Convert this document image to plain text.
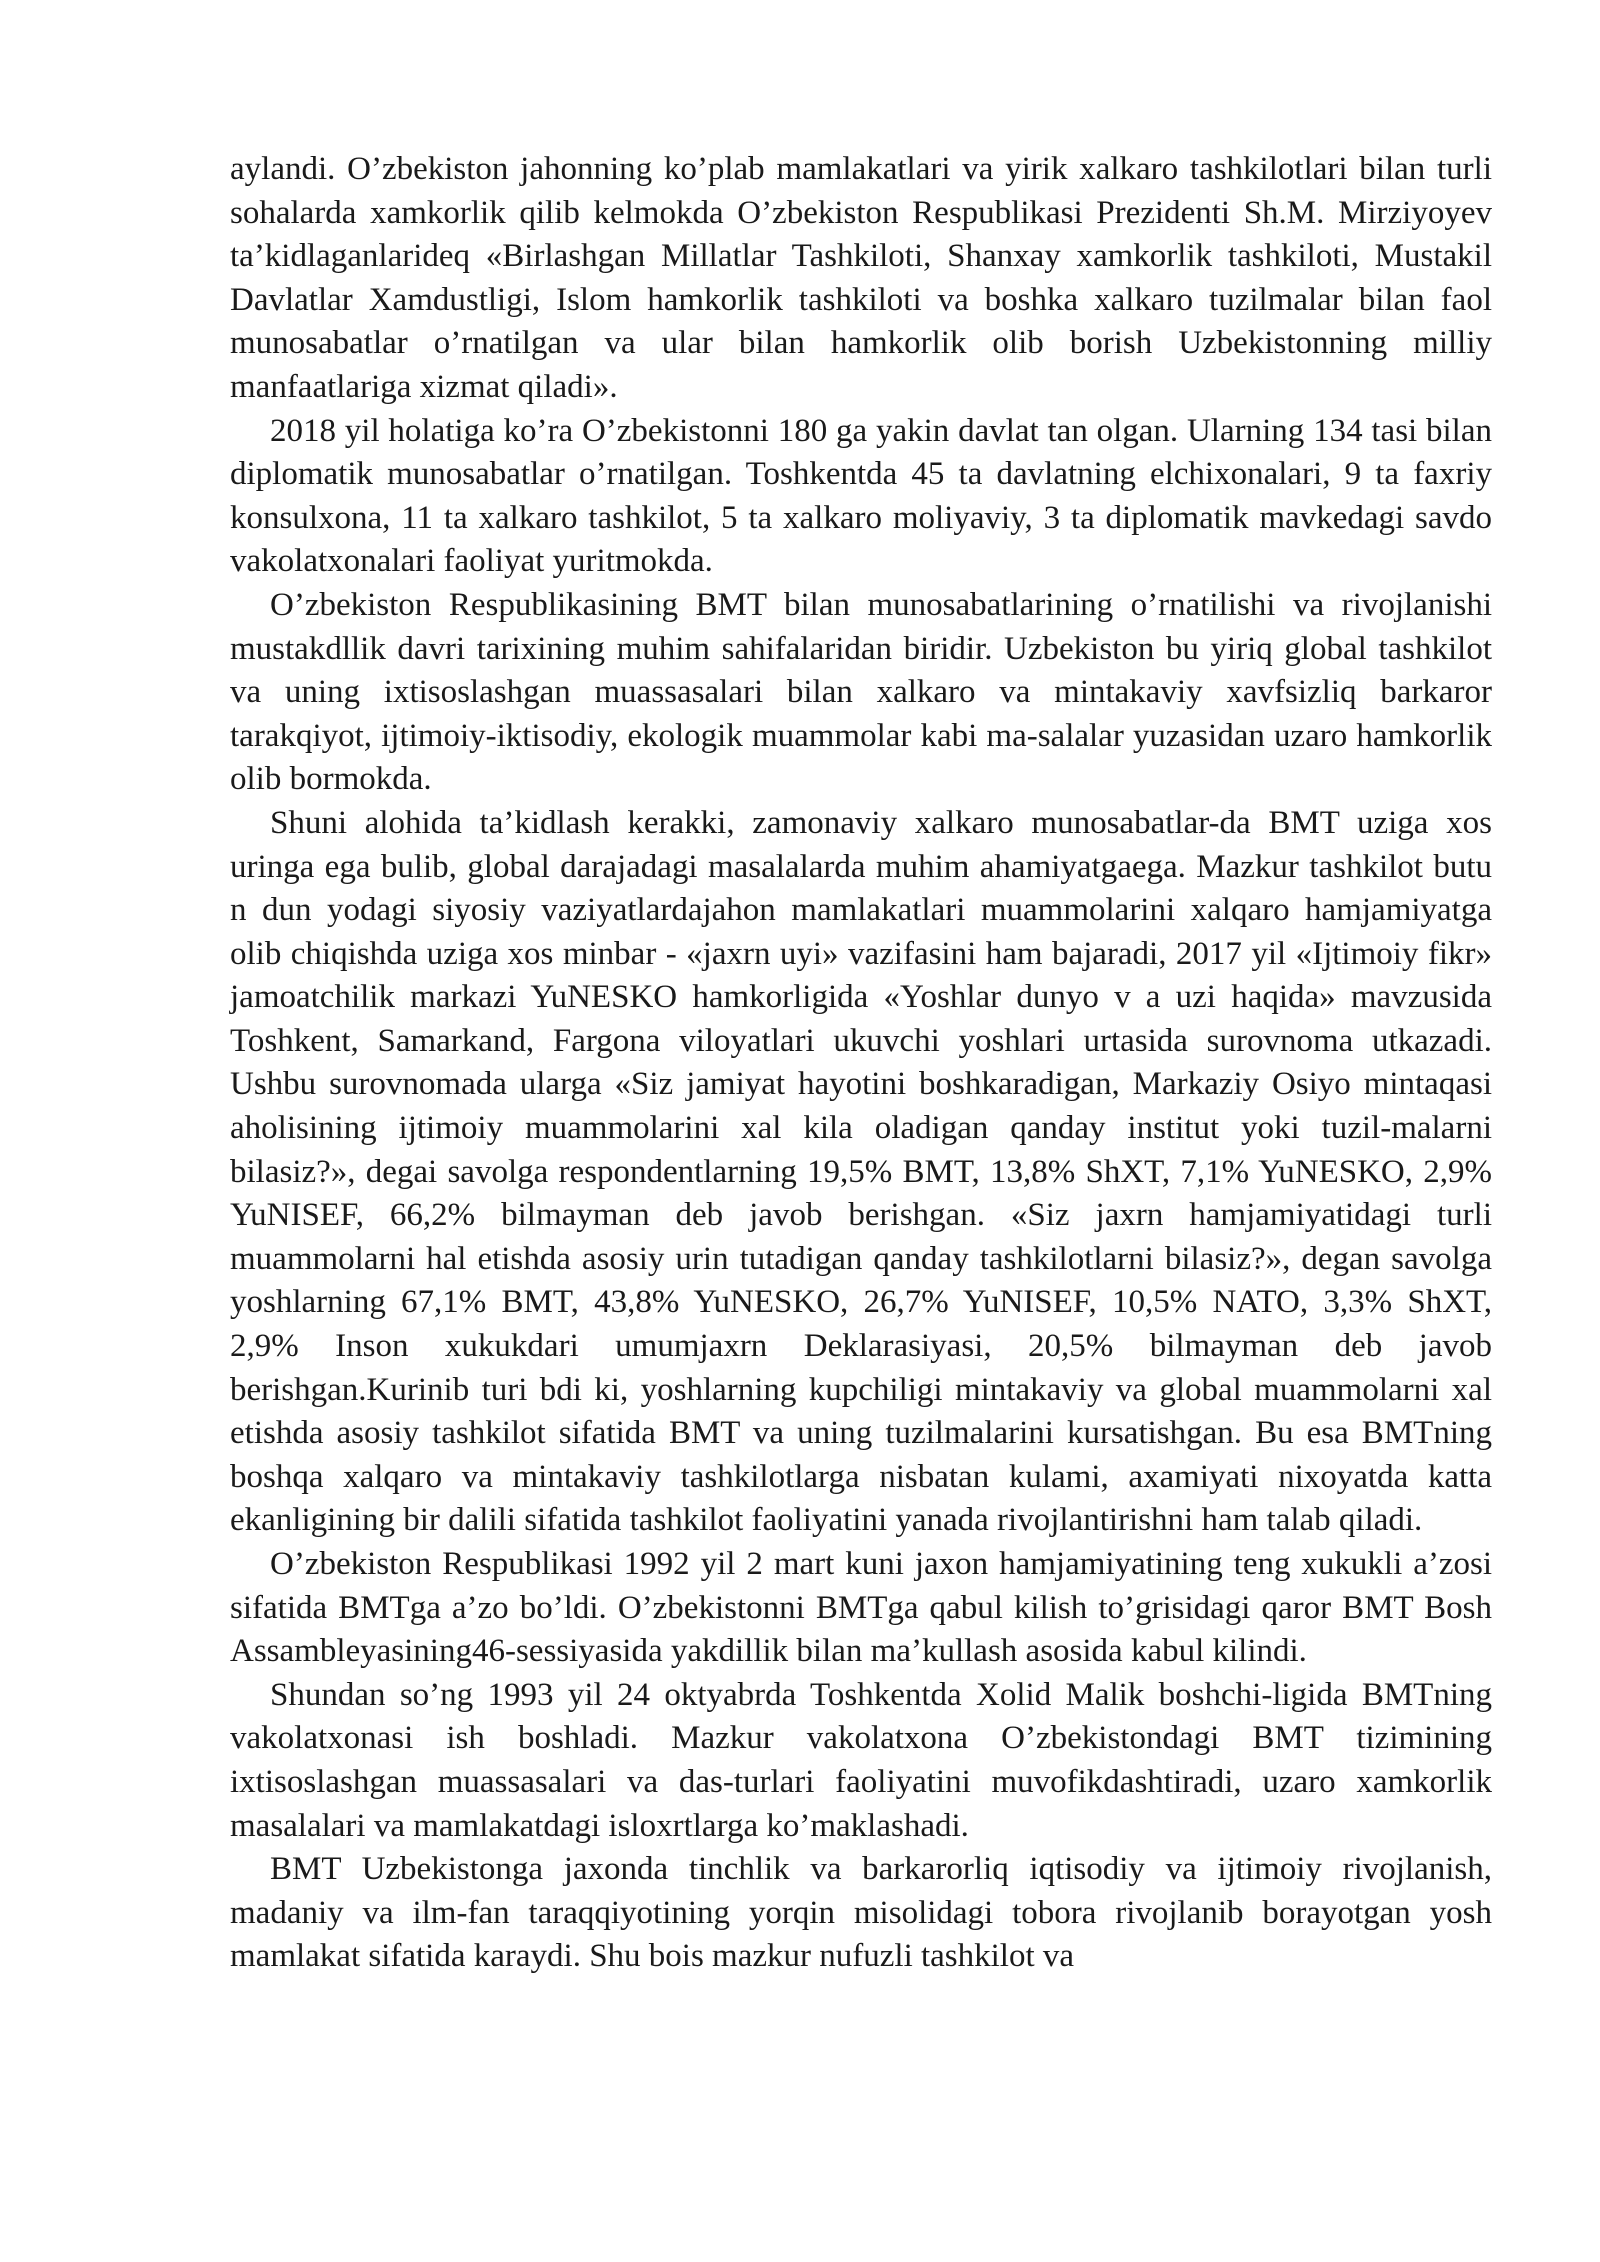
aylandi. O’zbekiston jahonning ko’plab mamlakatlari va yirik xalkaro tashkilotlari bilan turli sohalarda xamkorlik qilib kelmokda O’zbekiston Respublikasi Prezidenti Sh.M. Mirziyoyev ta’kidlaganlarideq «Birlashgan Millatlar Tashkiloti, Shanxay xamkorlik tashkiloti, Mustakil Davlatlar Xamdustligi, Islom hamkorlik tashkiloti va boshka xalkaro tuzilmalar bilan faol munosabatlar o’rnatilgan va ular bilan hamkorlik olib borish Uzbekistonning milliy manfaatlariga xizmat qiladi».

2018 yil holatiga ko’ra O’zbekistonni 180 ga yakin davlat tan olgan. Ularning 134 tasi bilan diplomatik munosabatlar o’rnatilgan. Toshkentda 45 ta davlatning elchixonalari, 9 ta faxriy konsulxona, 11 ta xalkaro tashkilot, 5 ta xalkaro moliyaviy, 3 ta diplomatik mavkedagi savdo vakolatxonalari faoliyat yuritmokda.

O’zbekiston Respublikasining BMT bilan munosabatlarining o’rnatilishi va rivojlanishi mustakdllik davri tarixining muhim sahifalaridan biridir. Uzbekiston bu yiriq global tashkilot va uning ixtisoslashgan muassasalari bilan xalkaro va mintakaviy xavfsizliq barkaror tarakqiyot, ijtimoiy-iktisodiy, ekologik muammolar kabi ma-salalar yuzasidan uzaro hamkorlik olib bormokda.

Shuni alohida ta’kidlash kerakki, zamonaviy xalkaro munosabatlar-da BMT uziga xos uringa ega bulib, global darajadagi masalalarda muhim ahamiyatgaega. Mazkur tashkilot butu n dun yodagi siyosiy vaziyatlardajahon mamlakatlari muammolarini xalqaro hamjamiyatga olib chiqishda uziga xos minbar - «jaxrn uyi» vazifasini ham bajaradi, 2017 yil «Ijtimoiy fikr» jamoatchilik markazi YuNESKO hamkorligida «Yoshlar dunyo v a uzi haqida» mavzusida Toshkent, Samarkand, Fargona viloyatlari ukuvchi yoshlari urtasida surovnoma utkazadi. Ushbu surovnomada ularga «Siz jamiyat hayotini boshkaradigan, Markaziy Osiyo mintaqasi aholisining ijtimoiy muammolarini xal kila oladigan qanday institut yoki tuzil-malarni bilasiz?», degai savolga respondentlarning 19,5% BMT, 13,8% ShXT, 7,1% YuNESKO, 2,9% YuNISEF, 66,2% bilmayman deb javob berishgan. «Siz jaxrn hamjamiyatidagi turli muammolarni hal etishda asosiy urin tutadigan qanday tashkilotlarni bilasiz?», degan savolga yoshlarning 67,1% BMT, 43,8% YuNESKO, 26,7% YuNISEF, 10,5% NATO, 3,3% ShXT, 2,9% Inson xukukdari umumjaxrn Deklarasiyasi, 20,5% bilmayman deb javob berishgan.Kurinib turi bdi ki, yoshlarning kupchiligi mintakaviy va global muammolarni xal etishda asosiy tashkilot sifatida BMT va uning tuzilmalarini kursatishgan. Bu esa BMTning boshqa xalqaro va mintakaviy tashkilotlarga nisbatan kulami, axamiyati nixoyatda katta ekanligining bir dalili sifatida tashkilot faoliyatini yanada rivojlantirishni ham talab qiladi.

O’zbekiston Respublikasi 1992 yil 2 mart kuni jaxon hamjamiyatining teng xukukli a’zosi sifatida BMTga a’zo bo’ldi. O’zbekistonni BMTga qabul kilish to’grisidagi qaror BMT Bosh Assambleyasining46-sessiyasida yakdillik bilan ma’kullash asosida kabul kilindi.

Shundan so’ng 1993 yil 24 oktyabrda Toshkentda Xolid Malik boshchi-ligida BMTning vakolatxonasi ish boshladi. Mazkur vakolatxona O’zbekistondagi BMT tizimining ixtisoslashgan muassasalari va das-turlari faoliyatini muvofikdashtiradi, uzaro xamkorlik masalalari va mamlakatdagi isloxrtlarga ko’maklashadi.

BMT Uzbekistonga jaxonda tinchlik va barkarorliq iqtisodiy va ijtimoiy rivojlanish, madaniy va ilm-fan taraqqiyotining yorqin misolidagi tobora rivojlanib borayotgan yosh mamlakat sifatida karaydi. Shu bois mazkur nufuzli tashkilot va
